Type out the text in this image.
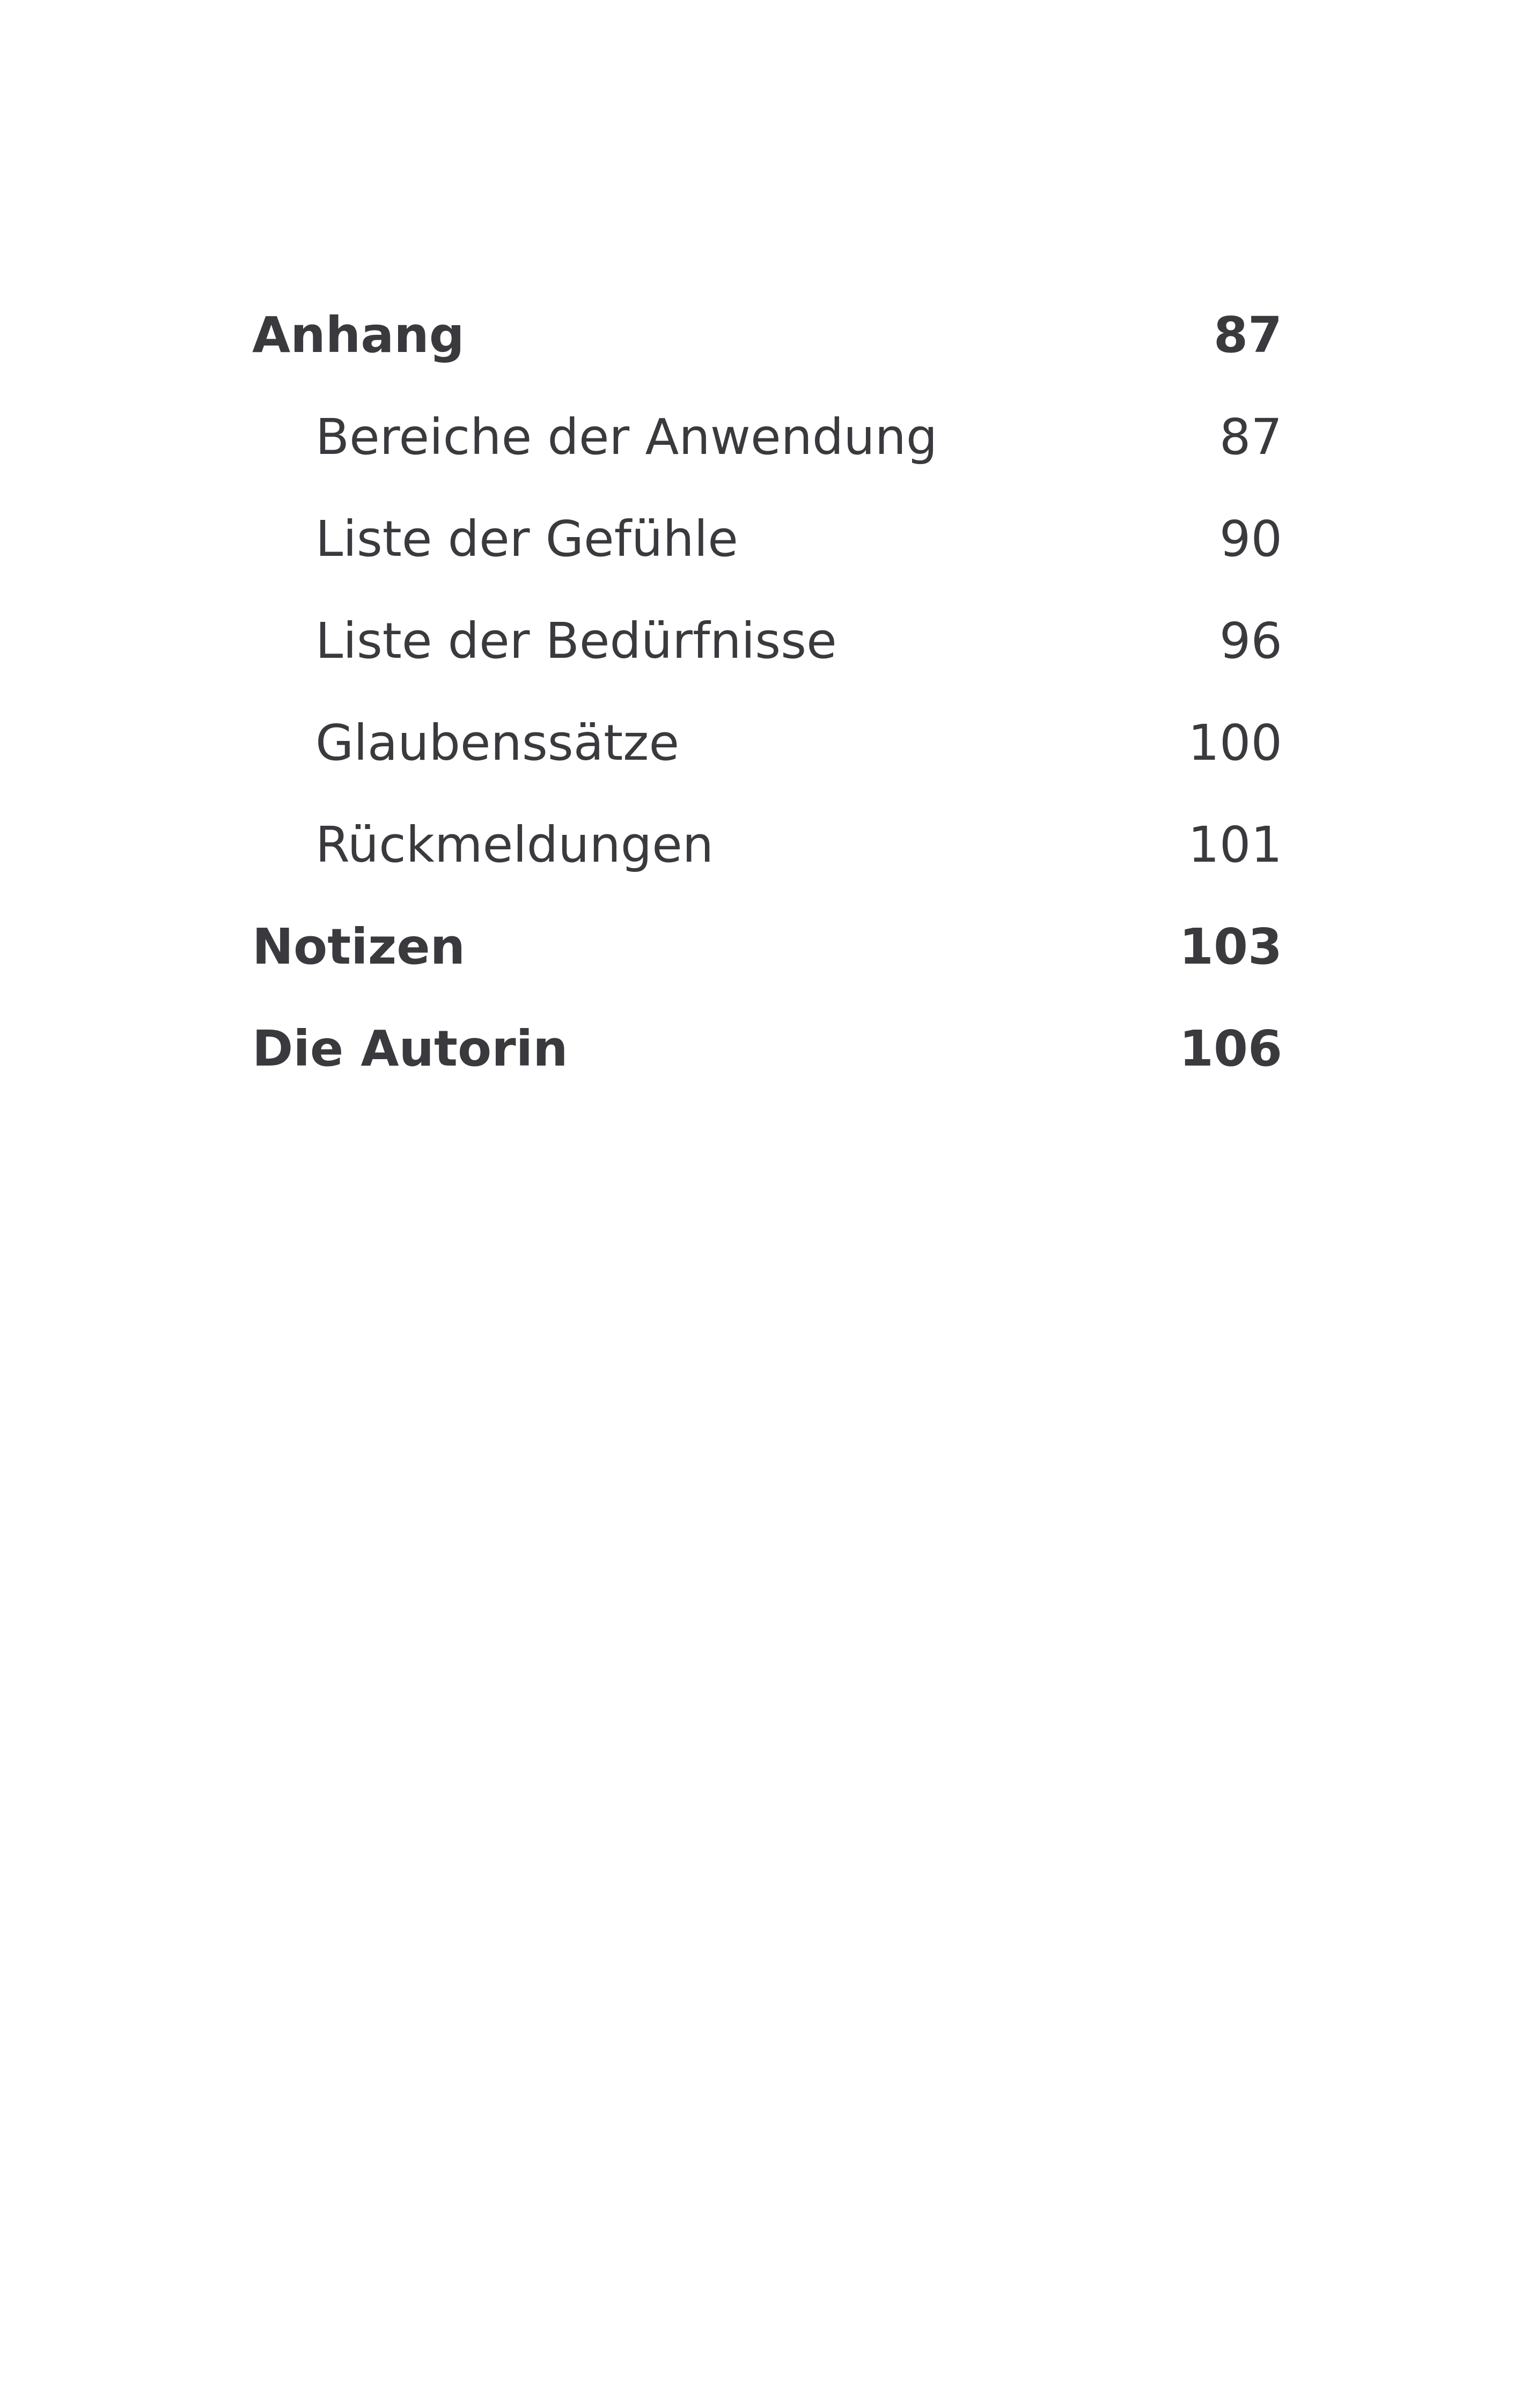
Anhang	87
Bereiche der Anwendung	87
Liste der Gefühle	90
Liste der Bedürfnisse	96
Glaubenssätze	100
Rückmeldungen	101
Notizen	103
Die Autorin	106
